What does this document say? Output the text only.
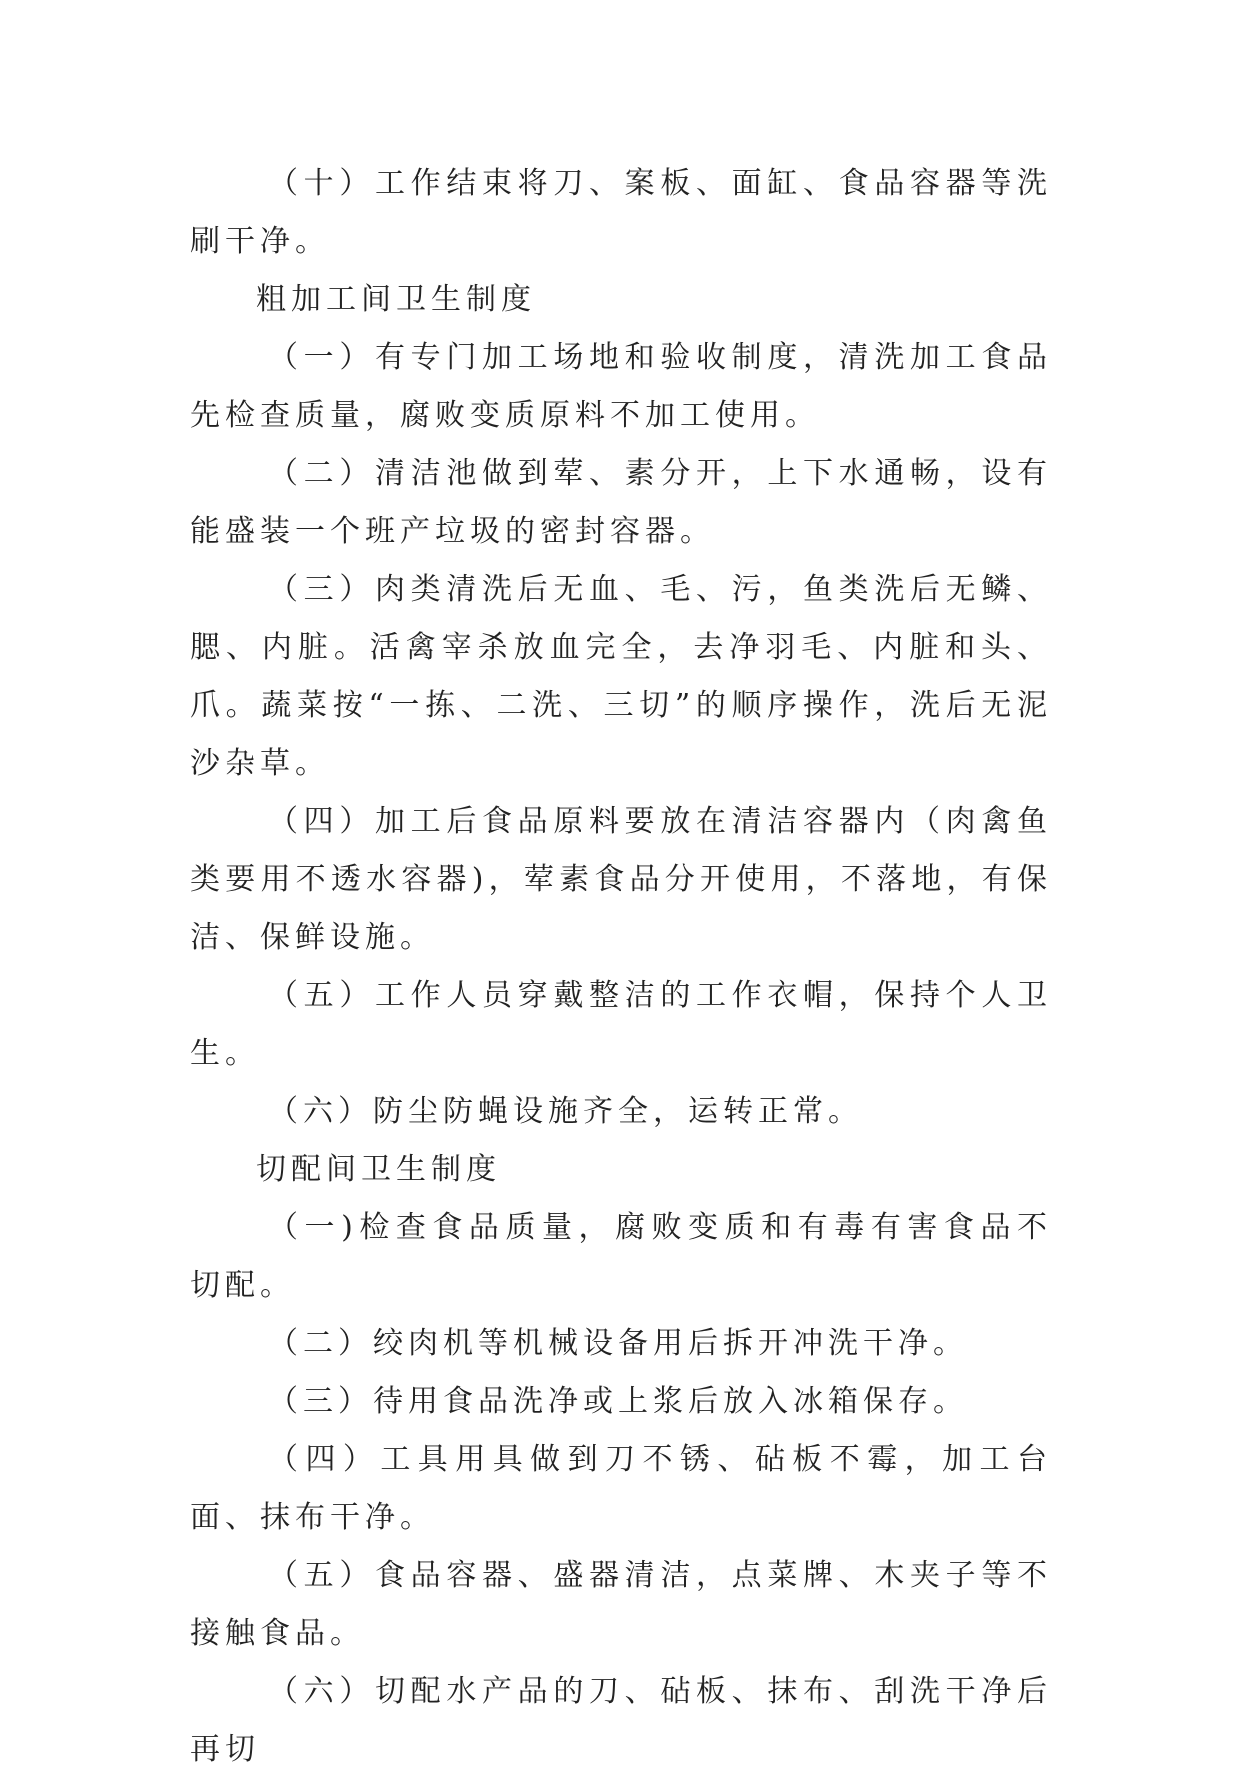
（十）工作结束将刀、案板、面缸、食品容器等洗刷干净。

粗加工间卫生制度

（一）有专门加工场地和验收制度，清洗加工食品先检查质量，腐败变质原料不加工使用。

（二）清洁池做到荤、素分开，上下水通畅，设有能盛装一个班产垃圾的密封容器。

（三）肉类清洗后无血、毛、污，鱼类洗后无鳞、腮、内脏。活禽宰杀放血完全，去净羽毛、内脏和头、爪。蔬菜按“一拣、二洗、三切”的顺序操作，洗后无泥沙杂草。

（四）加工后食品原料要放在清洁容器内（肉禽鱼类要用不透水容器)，荤素食品分开使用，不落地，有保洁、保鲜设施。

（五）工作人员穿戴整洁的工作衣帽，保持个人卫生。

（六）防尘防蝇设施齐全，运转正常。

切配间卫生制度

（一)检查食品质量，腐败变质和有毒有害食品不切配。

（二）绞肉机等机械设备用后拆开冲洗干净。

（三）待用食品洗净或上浆后放入冰箱保存。

（四）工具用具做到刀不锈、砧板不霉，加工台面、抹布干净。

（五）食品容器、盛器清洁，点菜牌、木夹子等不接触食品。

（六）切配水产品的刀、砧板、抹布、刮洗干净后再切
